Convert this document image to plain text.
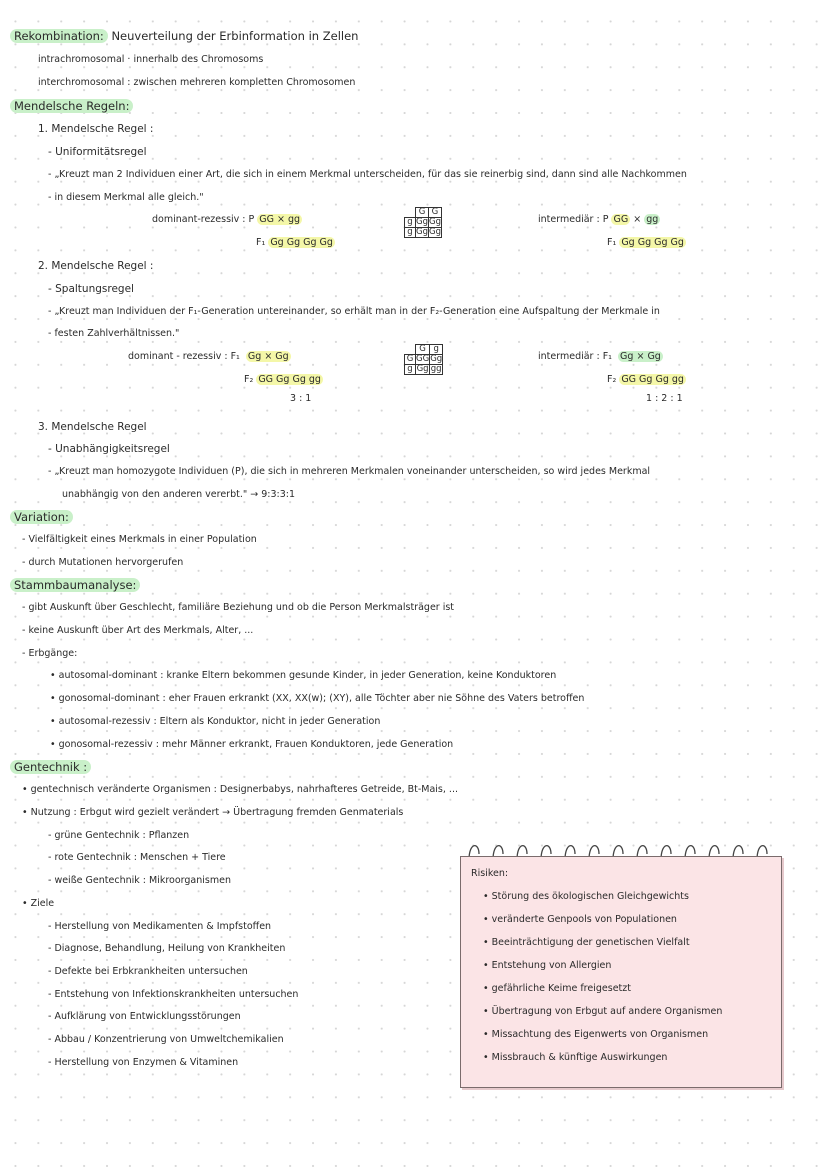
Rekombination: Neuverteilung der Erbinformation in Zellen
intrachromosomal · innerhalb des Chromosoms
interchromosomal : zwischen mehreren kompletten Chromosomen
Mendelsche Regeln:
1. Mendelsche Regel :
- Uniformitätsregel
- „Kreuzt man 2 Individuen einer Art, die sich in einem Merkmal unterscheiden, für das sie reinerbig sind, dann sind alle Nachkommen
- in diesem Merkmal alle gleich."
dominant-rezessiv : P GG × gg
F₁ Gg Gg Gg Gg
	G	G
g	Gg	Gg
g	Gg	Gg
intermediär : P GG × gg
F₁ Gg Gg Gg Gg
2. Mendelsche Regel :
- Spaltungsregel
- „Kreuzt man Individuen der F₁-Generation untereinander, so erhält man in der F₂-Generation eine Aufspaltung der Merkmale in
- festen Zahlverhältnissen."
dominant - rezessiv : F₁ Gg × Gg
F₂ GG Gg Gg gg
3 : 1
	G	g
G	GG	Gg
g	Gg	gg
intermediär : F₁ Gg × Gg
F₂ GG Gg Gg gg
1 : 2 : 1
3. Mendelsche Regel
- Unabhängigkeitsregel
- „Kreuzt man homozygote Individuen (P), die sich in mehreren Merkmalen voneinander unterscheiden, so wird jedes Merkmal
unabhängig von den anderen vererbt." → 9:3:3:1
Variation:
- Vielfältigkeit eines Merkmals in einer Population
- durch Mutationen hervorgerufen
Stammbaumanalyse:
- gibt Auskunft über Geschlecht, familiäre Beziehung und ob die Person Merkmalsträger ist
- keine Auskunft über Art des Merkmals, Alter, ...
- Erbgänge:
• autosomal-dominant : kranke Eltern bekommen gesunde Kinder, in jeder Generation, keine Konduktoren
• gonosomal-dominant : eher Frauen erkrankt (XX, XX(w); (XY), alle Töchter aber nie Söhne des Vaters betroffen
• autosomal-rezessiv : Eltern als Konduktor, nicht in jeder Generation
• gonosomal-rezessiv : mehr Männer erkrankt, Frauen Konduktoren, jede Generation
Gentechnik :
• gentechnisch veränderte Organismen : Designerbabys, nahrhafteres Getreide, Bt-Mais, ...
• Nutzung : Erbgut wird gezielt verändert → Übertragung fremden Genmaterials
- grüne Gentechnik : Pflanzen
- rote Gentechnik : Menschen + Tiere
- weiße Gentechnik : Mikroorganismen
• Ziele
- Herstellung von Medikamenten & Impfstoffen
- Diagnose, Behandlung, Heilung von Krankheiten
- Defekte bei Erbkrankheiten untersuchen
- Entstehung von Infektionskrankheiten untersuchen
- Aufklärung von Entwicklungsstörungen
- Abbau / Konzentrierung von Umweltchemikalien
- Herstellung von Enzymen & Vitaminen
Risiken:
• Störung des ökologischen Gleichgewichts
• veränderte Genpools von Populationen
• Beeinträchtigung der genetischen Vielfalt
• Entstehung von Allergien
• gefährliche Keime freigesetzt
• Übertragung von Erbgut auf andere Organismen
• Missachtung des Eigenwerts von Organismen
• Missbrauch & künftige Auswirkungen
